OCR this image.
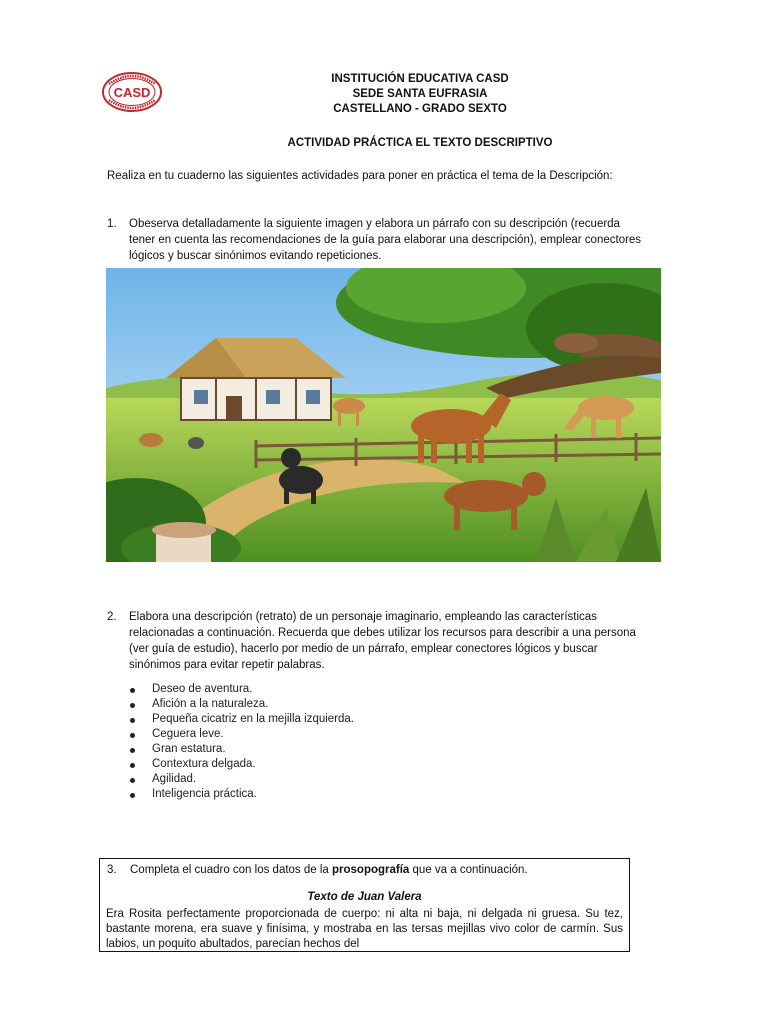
CASD
INSTITUCIÓN EDUCATIVA CASD
SEDE SANTA EUFRASIA
CASTELLANO - GRADO SEXTO
ACTIVIDAD PRÁCTICA EL TEXTO DESCRIPTIVO
Realiza en tu cuaderno las siguientes actividades para poner en práctica el tema de la Descripción:
1.	Obeserva detalladamente la siguiente imagen y elabora un párrafo con su descripción (recuerda tener en cuenta las recomendaciones de la guía para elaborar una descripción), emplear conectores lógicos y buscar sinónimos evitando repeticiones.
2.	Elabora una descripción (retrato) de un personaje imaginario, empleando las características relacionadas a continuación. Recuerda que debes utilizar los recursos para describir a una persona (ver guía de estudio), hacerlo por medio de un párrafo, emplear conectores lógicos y buscar sinónimos para evitar repetir palabras.
Deseo de aventura.
Afición a la naturaleza.
Pequeña cicatriz en la mejilla izquierda.
Ceguera leve.
Gran estatura.
Contextura delgada.
Agilidad.
Inteligencia práctica.
3. Completa el cuadro con los datos de la prosopografía que va a continuación.
Texto de Juan Valera
Era Rosita perfectamente proporcionada de cuerpo: ni alta ni baja, ni delgada ni gruesa. Su tez, bastante morena, era suave y finísima, y mostraba en las tersas mejillas vivo color de carmín. Sus labios, un poquito abultados, parecían hechos del
